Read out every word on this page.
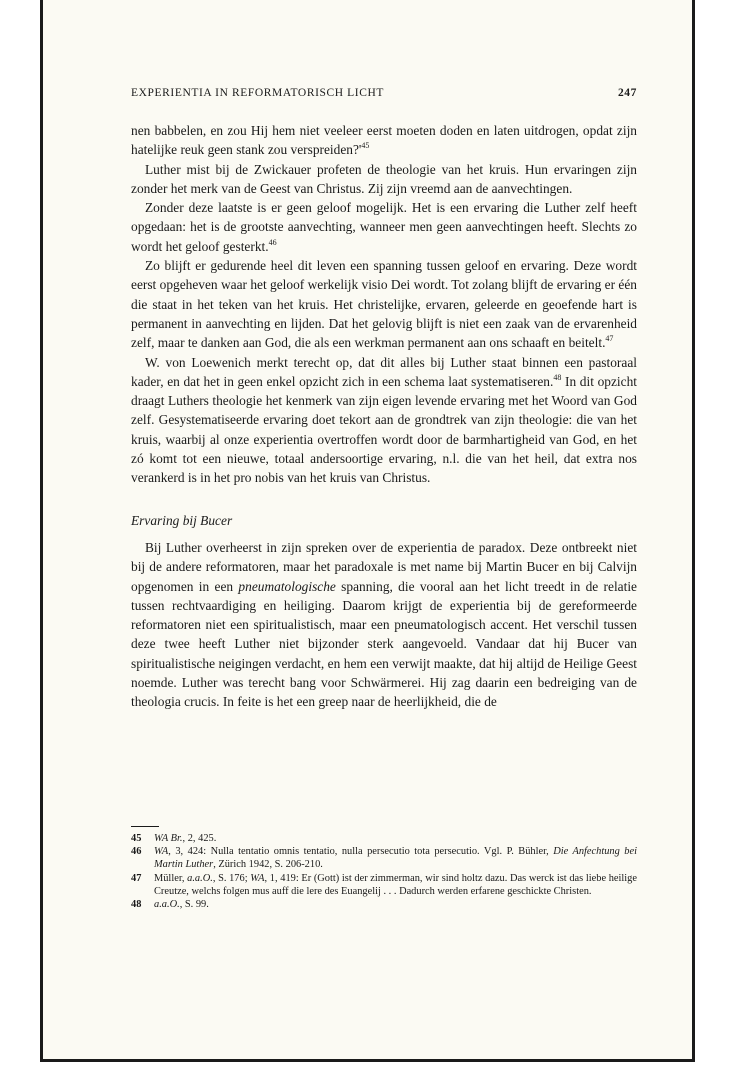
EXPERIENTIA IN REFORMATORISCH LICHT	247

nen babbelen, en zou Hij hem niet veeleer eerst moeten doden en laten uitdrogen, opdat zijn hatelijke reuk geen stank zou $verspreiden?'^{45}$

Luther mist bij de Zwickauer profeten de theologie van het kruis. Hun ervaringen zijn zonder het merk van de Geest van Christus. Zij zijn vreemd aan de aanvechtingen.

Zonder deze laatste is er geen geloof mogelijk. Het is een ervaring die Luther zelf heeft opgedaan: het is de grootste aanvechting, wanneer men geen aanvechtingen heeft. Slechts zo wordt het geloof gesterkt.$^{46}$

Zo blijft er gedurende heel dit leven een spanning tussen geloof en ervaring. Deze wordt eerst opgeheven waar het geloof werkelijk visio Dei wordt. Tot zolang blijft de ervaring er één die staat in het teken van het kruis. Het christelijke, ervaren, geleerde en geoefende hart is permanent in aanvechting en lijden. Dat het gelovig blijft is niet een zaak van de ervarenheid zelf, maar te danken aan God, die als een werkman permanent aan ons schaaft en beitelt.$^{47}$

W. von Loewenich merkt terecht op, dat dit alles bij Luther staat binnen een pastoraal kader, en dat het in geen enkel opzicht zich in een schema laat systematiseren.$^{48}$ In dit opzicht draagt Luthers theologie het kenmerk van zijn eigen levende ervaring met het Woord van God zelf. Gesystematiseerde ervaring doet tekort aan de grondtrek van zijn theologie: die van het kruis, waarbij al onze experientia overtroffen wordt door de barmhartigheid van God, en het zó komt tot een nieuwe, totaal andersoortige ervaring, n.l. die van het heil, dat extra nos verankerd is in het pro nobis van het kruis van Christus.

Ervaring bij Bucer

Bij Luther overheerst in zijn spreken over de experientia de paradox. Deze ontbreekt niet bij de andere reformatoren, maar het paradoxale is met name bij Martin Bucer en bij Calvijn opgenomen in een pneumatologische spanning, die vooral aan het licht treedt in de relatie tussen rechtvaardiging en heiliging. Daarom krijgt de experientia bij de gereformeerde reformatoren niet een spiritualistisch, maar een pneumatologisch accent. Het verschil tussen deze twee heeft Luther niet bijzonder sterk aangevoeld. Vandaar dat hij Bucer van spiritualistische neigingen verdacht, en hem een verwijt maakte, dat hij altijd de Heilige Geest noemde. Luther was terecht bang voor Schwärmerei. Hij zag daarin een bedreiging van de theologia crucis. In feite is het een greep naar de heerlijkheid, die de

45	WA Br., 2, 425.
46	WA, 3, 424: Nulla tentatio omnis tentatio, nulla persecutio tota persecutio. Vgl. P. Bühler, Die Anfechtung bei Martin Luther, Zürich 1942, S. 206-210.
47	Müller, a.a.O., S. 176; WA, 1, 419: Er (Gott) ist der zimmerman, wir sind holtz dazu. Das werck ist das liebe heilige Creutze, welchs folgen mus auff die lere des Euangelij . . . Dadurch werden erfarene geschickte Christen.
48	a.a.O., S. 99.
